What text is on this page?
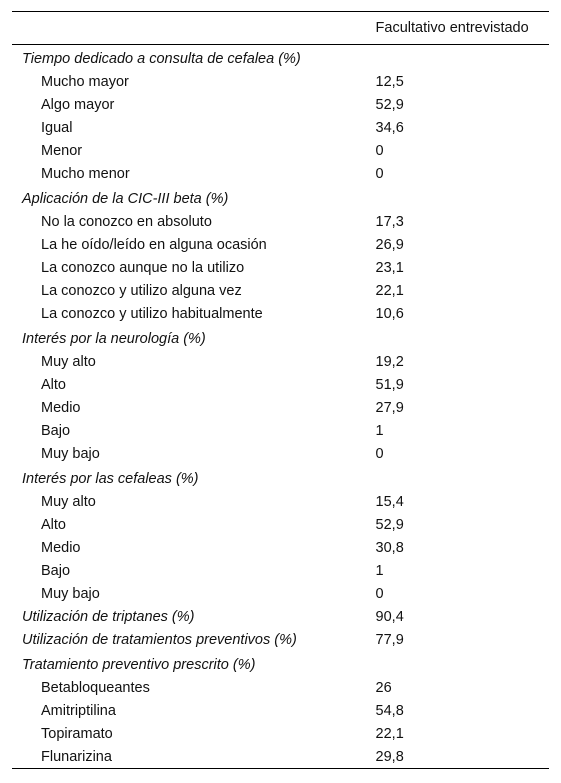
	Facultativo entrevistado
Tiempo dedicado a consulta de cefalea (%)	
Mucho mayor	12,5
Algo mayor	52,9
Igual	34,6
Menor	0
Mucho menor	0
Aplicación de la CIC-III beta (%)	
No la conozco en absoluto	17,3
La he oído/leído en alguna ocasión	26,9
La conozco aunque no la utilizo	23,1
La conozco y utilizo alguna vez	22,1
La conozco y utilizo habitualmente	10,6
Interés por la neurología (%)	
Muy alto	19,2
Alto	51,9
Medio	27,9
Bajo	1
Muy bajo	0
Interés por las cefaleas (%)	
Muy alto	15,4
Alto	52,9
Medio	30,8
Bajo	1
Muy bajo	0
Utilización de triptanes (%)	90,4
Utilización de tratamientos preventivos (%)	77,9
Tratamiento preventivo prescrito (%)	
Betabloqueantes	26
Amitriptilina	54,8
Topiramato	22,1
Flunarizina	29,8
